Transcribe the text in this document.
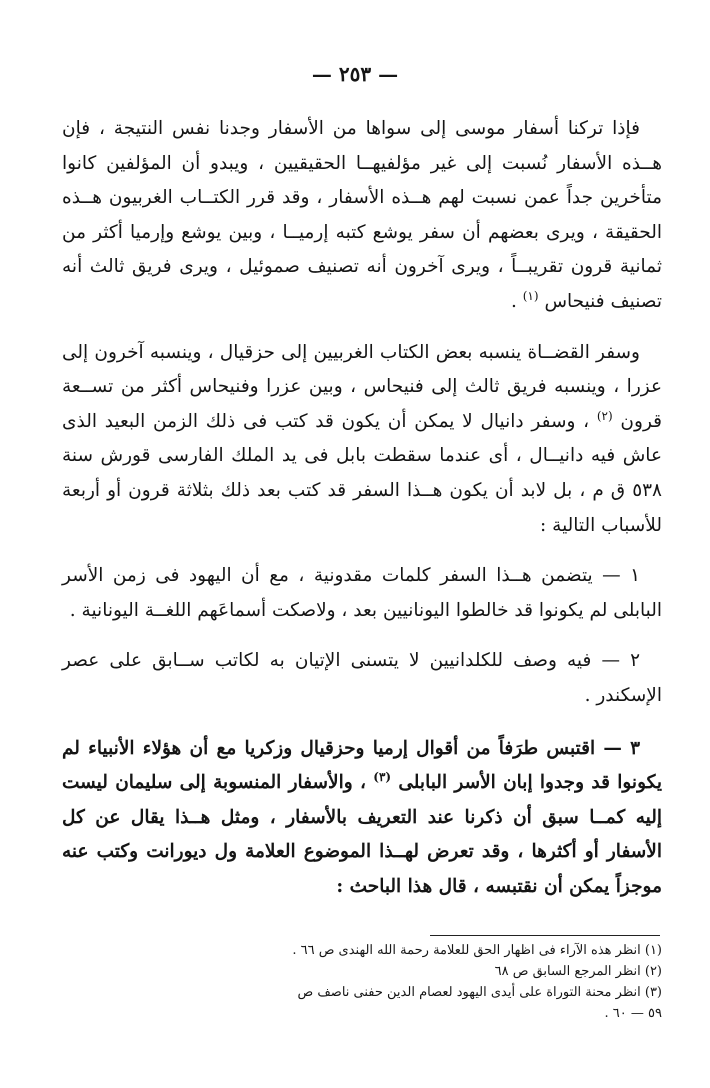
— ٢٥٣ —

فإذا تركنا أسفار موسى إلى سواها من الأسفار وجدنا نفس النتيجة ، فإن هــذه الأسفار نُسبت إلى غير مؤلفيهــا الحقيقيين ، ويبدو أن المؤلفين كانوا متأخرين جداً عمن نسبت لهم هــذه الأسفار ، وقد قرر الكتــاب الغربيون هــذه الحقيقة ، ويرى بعضهم أن سفر يوشع كتبه إرميــا ، وبين يوشع وإرميا أكثر من ثمانية قرون تقريبــاً ، ويرى آخرون أنه تصنيف صموئيل ، ويرى فريق ثالث أنه تصنيف فنيحاس $^{(١)}$ .

وسفر القضــاة ينسبه بعض الكتاب الغربيين إلى حزقيال ، وينسبه آخرون إلى عزرا ، وينسبه فريق ثالث إلى فنيحاس ، وبين عزرا وفنيحاس أكثر من تســعة قرون $^{(٢)}$ ، وسفر دانيال لا يمكن أن يكون قد كتب فى ذلك الزمن البعيد الذى عاش فيه دانيــال ، أى عندما سقطت بابل فى يد الملك الفارسى قورش سنة ٥٣٨ ق م ، بل لابد أن يكون هــذا السفر قد كتب بعد ذلك بثلاثة قرون أو أربعة للأسباب التالية :

١ — يتضمن هــذا السفر كلمات مقدونية ، مع أن اليهود فى زمن الأسر البابلى لم يكونوا قد خالطوا اليونانيين بعد ، ولاصكت أسماعَهم اللغــة اليونانية .

٢ — فيه وصف للكلدانيين لا يتسنى الإتيان به لكاتب ســابق على عصر الإسكندر .

٣ — اقتبس طرَفاً من أقوال إرميا وحزقيال وزكريا مع أن هؤلاء الأنبياء لم يكونوا قد وجدوا إبان الأسر البابلى $^{(٣)}$ ، والأسفار المنسوبة إلى سليمان ليست إليه كمــا سبق أن ذكرنا عند التعريف بالأسفار ، ومثل هــذا يقال عن كل الأسفار أو أكثرها ، وقد تعرض لهــذا الموضوع العلامة ول ديورانت وكتب عنه موجزاً يمكن أن نقتبسه ، قال هذا الباحث :

(١) انظر هذه الآراء فى اظهار الحق للعلامة رحمة الله الهندى ص ٦٦ .
(٢) انظر المرجع السابق ص ٦٨
(٣) انظر محنة التوراة على أيدى اليهود لعصام الدين حفنى ناصف ص
٥٩ — ٦٠ .
